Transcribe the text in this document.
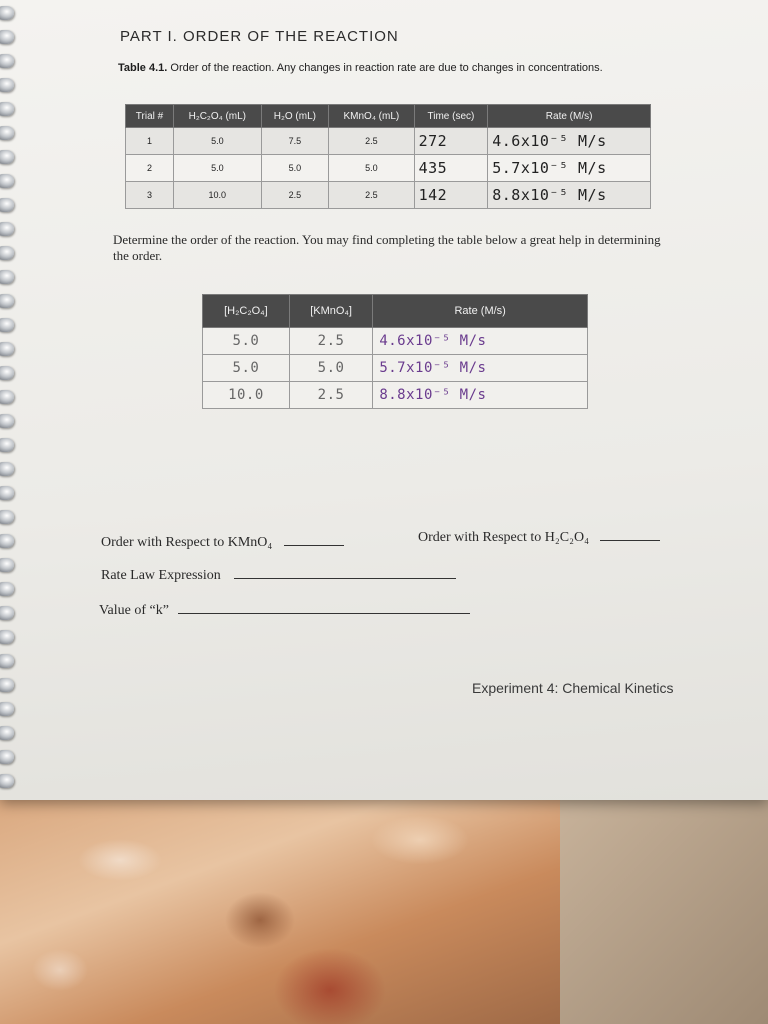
PART I. ORDER OF THE REACTION
Table 4.1. Order of the reaction. Any changes in reaction rate are due to changes in concentrations.
Trial #	H₂C₂O₄ (mL)	H₂O (mL)	KMnO₄ (mL)	Time (sec)	Rate (M/s)
1	5.0	7.5	2.5	272	4.6x10⁻⁵ M/s
2	5.0	5.0	5.0	435	5.7x10⁻⁵ M/s
3	10.0	2.5	2.5	142	8.8x10⁻⁵ M/s
Determine the order of the reaction. You may find completing the table below a great help in determining the order.
[H₂C₂O₄]	[KMnO₄]	Rate (M/s)
5.0	2.5	4.6x10⁻⁵ M/s
5.0	5.0	5.7x10⁻⁵ M/s
10.0	2.5	8.8x10⁻⁵ M/s
Order with Respect to KMnO₄	Order with Respect to H₂C₂O₄
Rate Law Expression
Value of “k”
Experiment 4: Chemical Kinetics
